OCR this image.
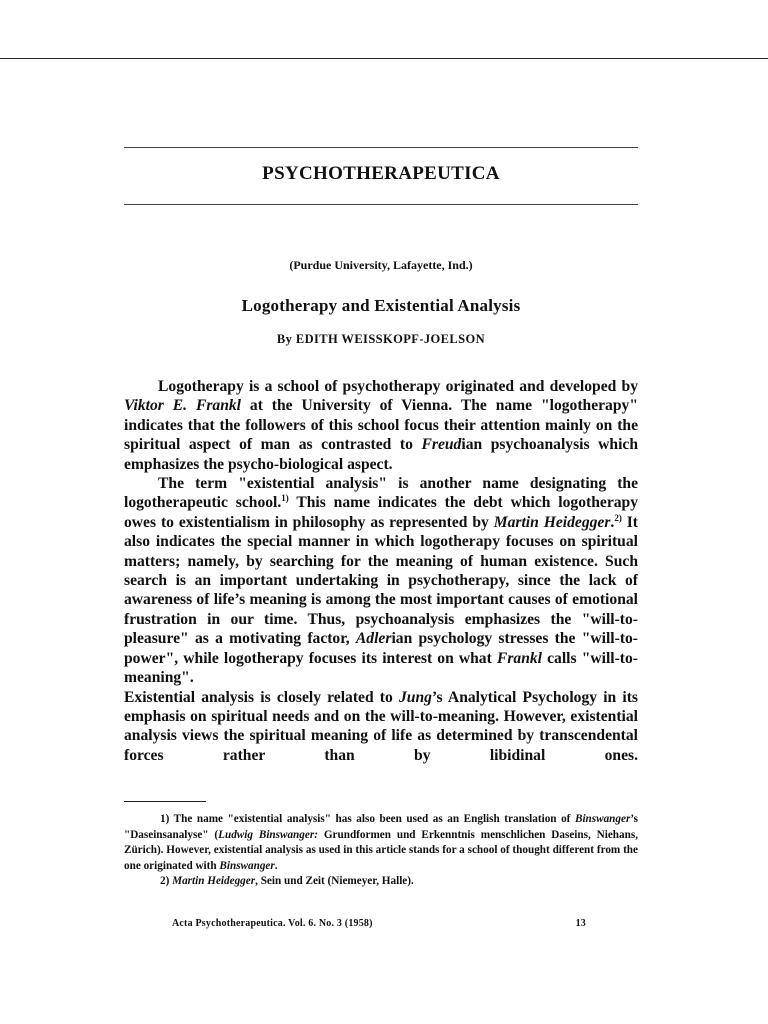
PSYCHOTHERAPEUTICA
(Purdue University, Lafayette, Ind.)
Logotherapy and Existential Analysis
By EDITH WEISSKOPF-JOELSON

Logotherapy is a school of psychotherapy originated and developed by Viktor E. Frankl at the University of Vienna. The name "logotherapy" indicates that the followers of this school focus their attention mainly on the spiritual aspect of man as contrasted to Freudian psychoanalysis which emphasizes the psycho-biological aspect.

The term "existential analysis" is another name designating the logotherapeutic school.$^{1)}$ This name indicates the debt which logotherapy owes to existentialism in philosophy as represented by Martin Heidegger.$^{2)}$ It also indicates the special manner in which logotherapy focuses on spiritual matters; namely, by searching for the meaning of human existence. Such search is an important undertaking in psychotherapy, since the lack of awareness of life’s meaning is among the most important causes of emotional frustration in our time. Thus, psychoanalysis emphasizes the "will-to-pleasure" as a motivating factor, Adlerian psychology stresses the "will-to-power", while logotherapy focuses its interest on what Frankl calls "will-to-meaning".

Existential analysis is closely related to Jung’s Analytical Psychology in its emphasis on spiritual needs and on the will-to-meaning. However, existential analysis views the spiritual meaning of life as determined by transcendental forces rather than by libidinal ones.

1) The name "existential analysis" has also been used as an English translation of Binswanger’s "Daseinsanalyse" (Ludwig Binswanger: Grundformen und Erkenntnis menschlichen Daseins, Niehans, Zürich). However, existential analysis as used in this article stands for a school of thought different from the one originated with Binswanger.

2) Martin Heidegger, Sein und Zeit (Niemeyer, Halle).

Acta Psychotherapeutica. Vol. 6. No. 3 (1958)	13
